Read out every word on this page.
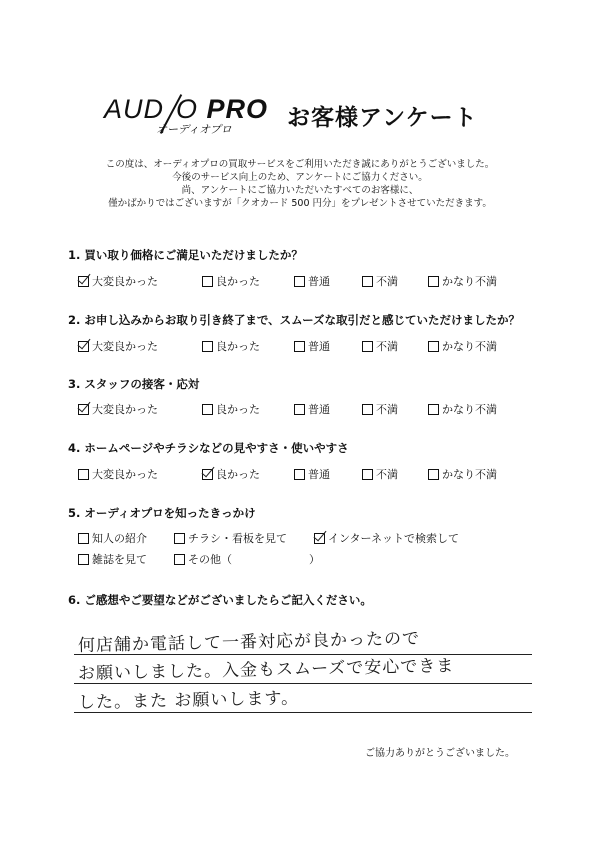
AUD O PRO
オーディオプロ お客様アンケート
この度は、オーディオプロの買取サービスをご利用いただき誠にありがとうございました。
今後のサービス向上のため、アンケートにご協力ください。
尚、アンケートにご協力いただいたすべてのお客様に、
僅かばかりではございますが「クオカード 500 円分」をプレゼントさせていただきます。
1. 買い取り価格にご満足いただけましたか？
大変良かった	良かった	普通	不満	かなり不満
2. お申し込みからお取り引き終了まで、スムーズな取引だと感じていただけましたか？
大変良かった	良かった	普通	不満	かなり不満
3. スタッフの接客・応対
大変良かった	良かった	普通	不満	かなり不満
4. ホームページやチラシなどの見やすさ・使いやすさ
大変良かった	良かった	普通	不満	かなり不満
5. オーディオプロを知ったきっかけ
知人の紹介	チラシ・看板を見て	インターネットで検索して
雑誌を見て	その他（　　　　　　　）
6. ご感想やご要望などがございましたらご記入ください。
何店舗か電話して一番対応が良かったので
お願いしました。入金もスムーズで安心できま
した。また お願いします。
ご協力ありがとうございました。
